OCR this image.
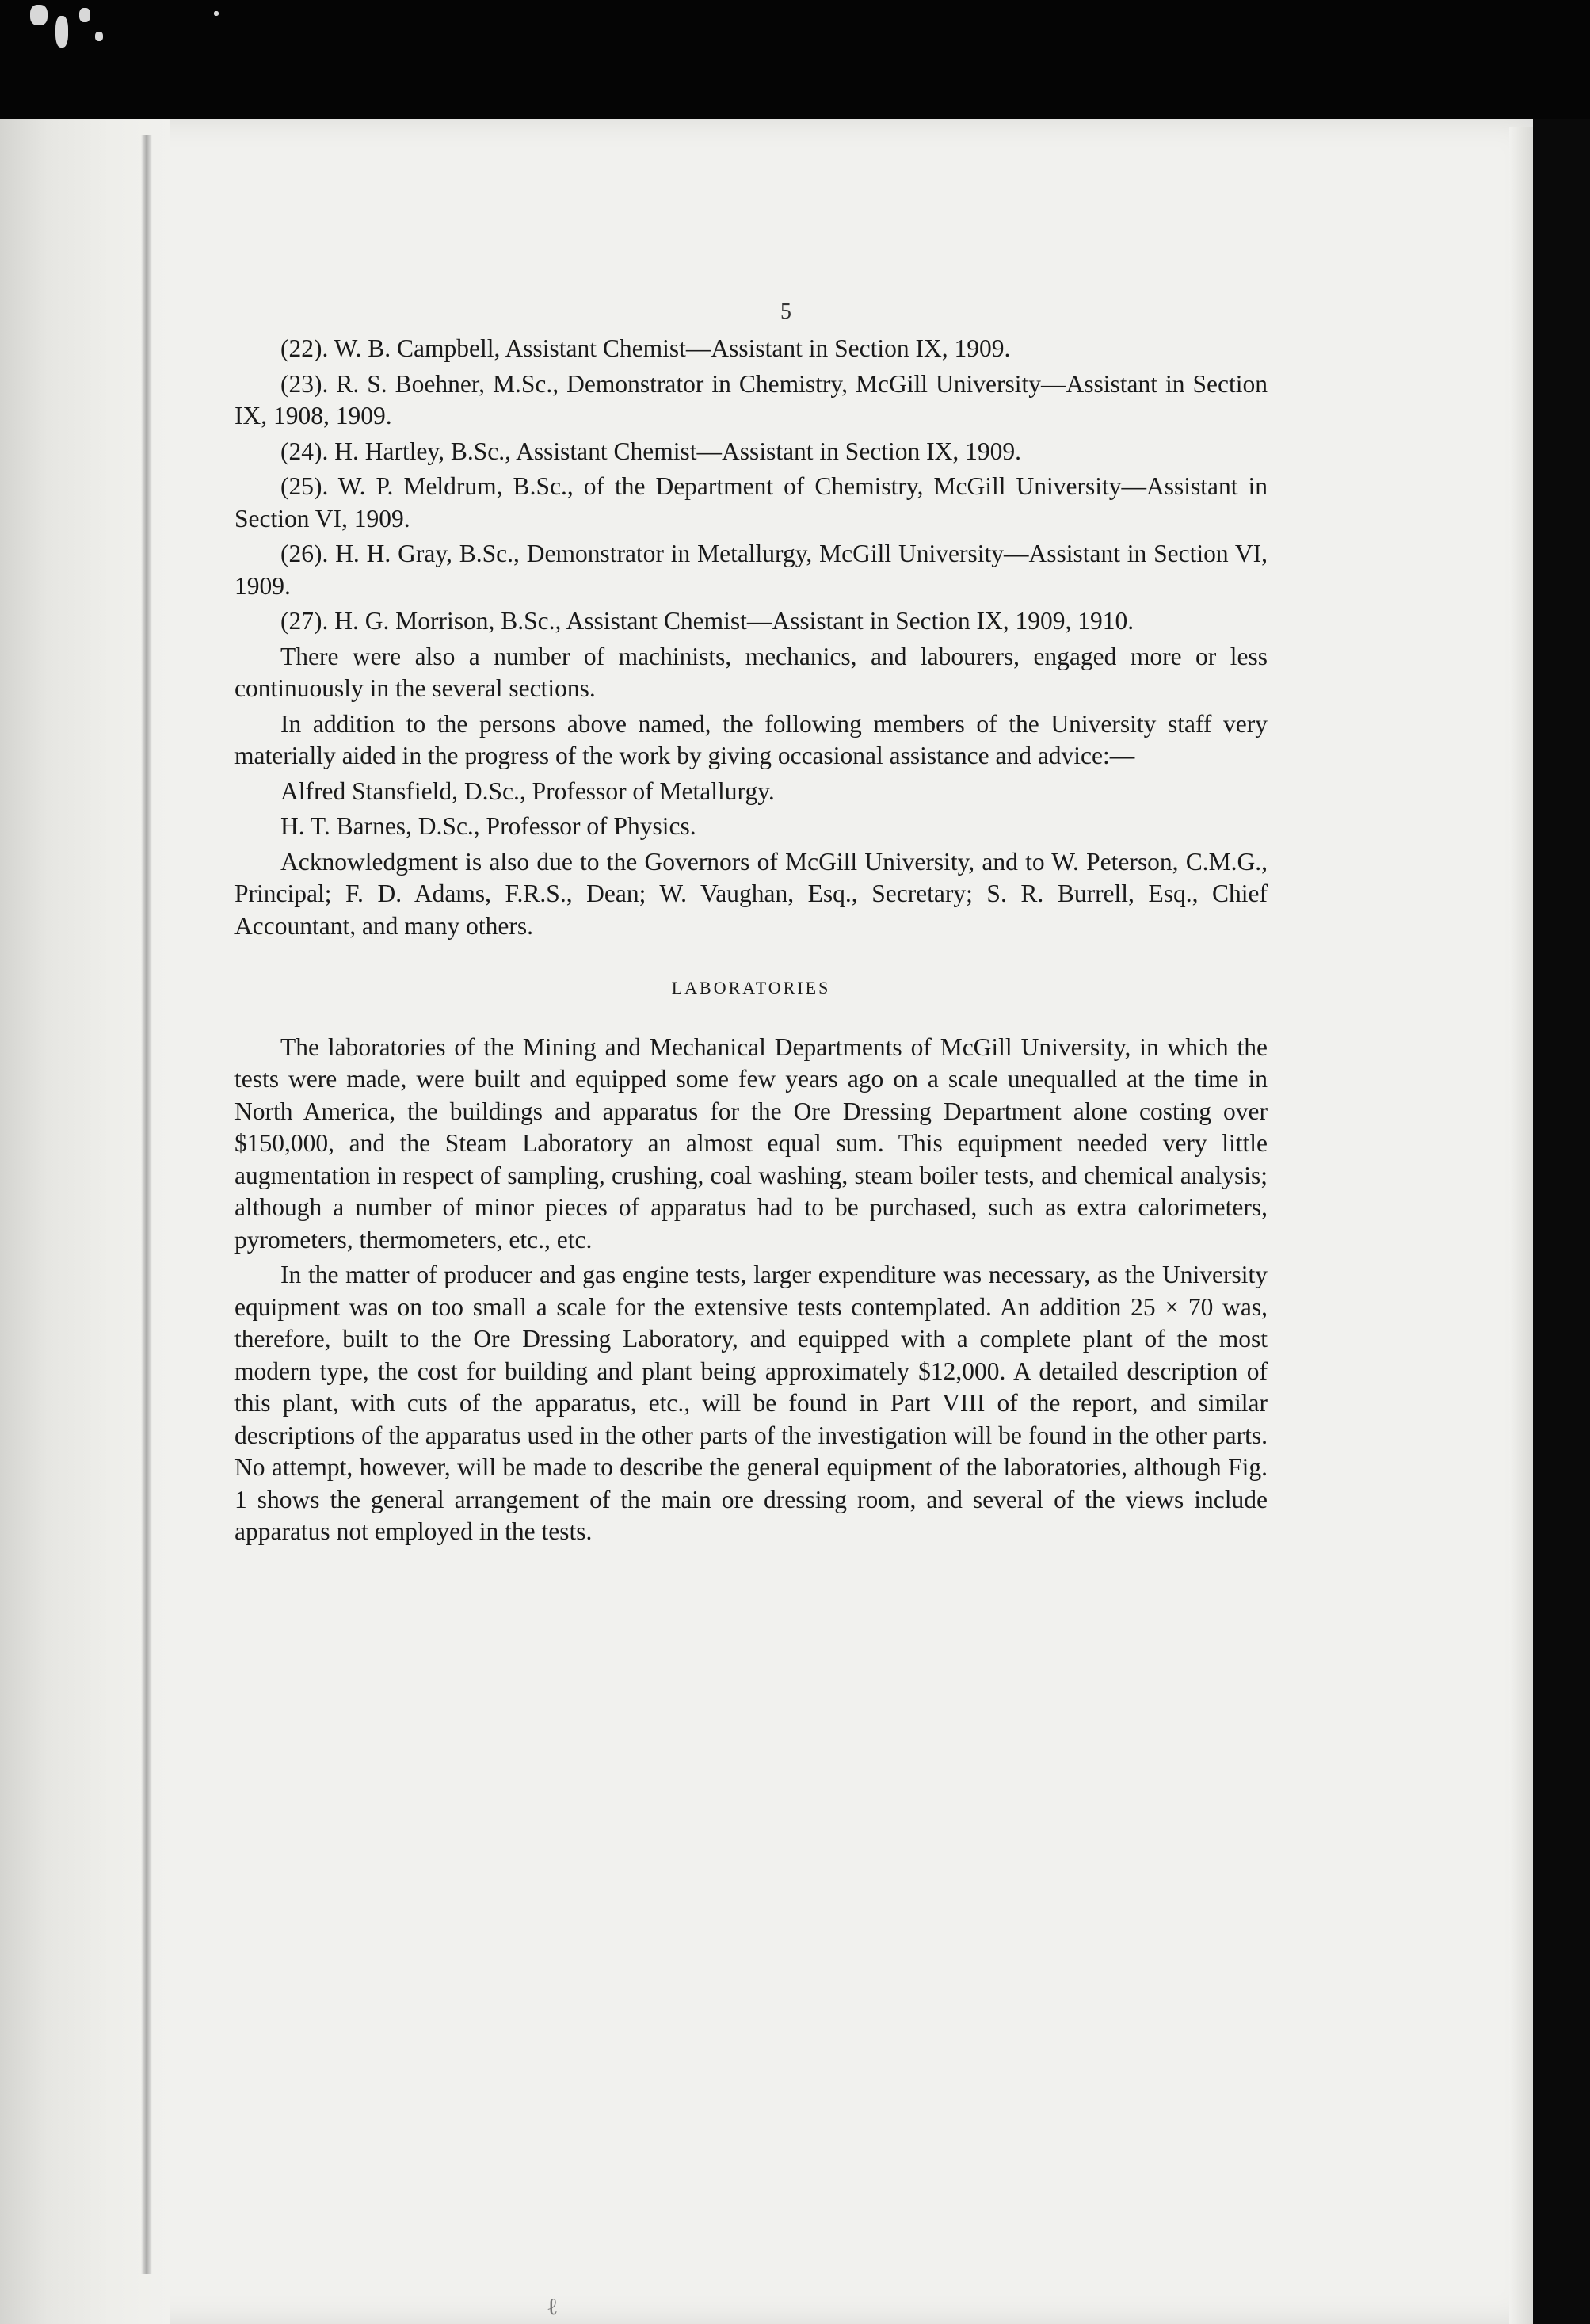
5

(22). W. B. Campbell, Assistant Chemist—Assistant in Section IX, 1909.

(23). R. S. Boehner, M.Sc., Demonstrator in Chemistry, McGill University—Assistant in Section IX, 1908, 1909.

(24). H. Hartley, B.Sc., Assistant Chemist—Assistant in Section IX, 1909.

(25). W. P. Meldrum, B.Sc., of the Department of Chemistry, McGill University—Assistant in Section VI, 1909.

(26). H. H. Gray, B.Sc., Demonstrator in Metallurgy, McGill University—Assistant in Section VI, 1909.

(27). H. G. Morrison, B.Sc., Assistant Chemist—Assistant in Section IX, 1909, 1910.

There were also a number of machinists, mechanics, and labourers, engaged more or less continuously in the several sections.

In addition to the persons above named, the following members of the University staff very materially aided in the progress of the work by giving occasional assistance and advice:—

Alfred Stansfield, D.Sc., Professor of Metallurgy.

H. T. Barnes, D.Sc., Professor of Physics.

Acknowledgment is also due to the Governors of McGill University, and to W. Peterson, C.M.G., Principal; F. D. Adams, F.R.S., Dean; W. Vaughan, Esq., Secretary; S. R. Burrell, Esq., Chief Accountant, and many others.

LABORATORIES

The laboratories of the Mining and Mechanical Departments of McGill University, in which the tests were made, were built and equipped some few years ago on a scale unequalled at the time in North America, the buildings and apparatus for the Ore Dressing Department alone costing over $150,000, and the Steam Laboratory an almost equal sum. This equipment needed very little augmentation in respect of sampling, crushing, coal washing, steam boiler tests, and chemical analysis; although a number of minor pieces of apparatus had to be purchased, such as extra calorimeters, pyrometers, thermometers, etc., etc.

In the matter of producer and gas engine tests, larger expenditure was necessary, as the University equipment was on too small a scale for the extensive tests contemplated. An addition 25 × 70 was, therefore, built to the Ore Dressing Laboratory, and equipped with a complete plant of the most modern type, the cost for building and plant being approximately $12,000. A detailed description of this plant, with cuts of the apparatus, etc., will be found in Part VIII of the report, and similar descriptions of the apparatus used in the other parts of the investigation will be found in the other parts. No attempt, however, will be made to describe the general equipment of the laboratories, although Fig. 1 shows the general arrangement of the main ore dressing room, and several of the views include apparatus not employed in the tests.

ℓ
